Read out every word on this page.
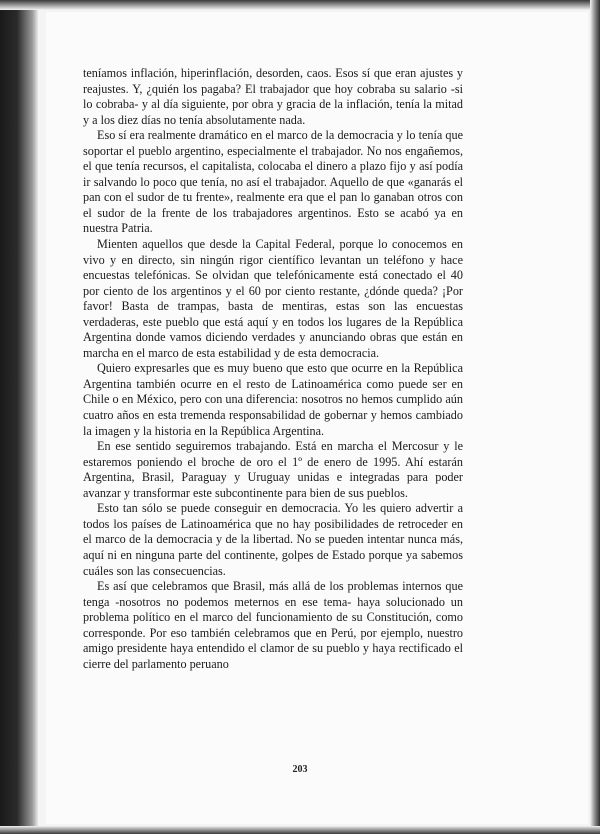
teníamos inflación, hiperinflación, desorden, caos. Esos sí que eran ajustes y reajustes. Y, ¿quién los pagaba? El trabajador que hoy cobraba su salario -si lo cobraba- y al día siguiente, por obra y gracia de la inflación, tenía la mitad y a los diez días no tenía absolutamente nada.

Eso sí era realmente dramático en el marco de la democracia y lo tenía que soportar el pueblo argentino, especialmente el trabajador. No nos engañemos, el que tenía recursos, el capitalista, colocaba el dinero a plazo fijo y así podía ir salvando lo poco que tenía, no así el trabajador. Aquello de que «ganarás el pan con el sudor de tu frente», realmente era que el pan lo ganaban otros con el sudor de la frente de los trabajadores argentinos. Esto se acabó ya en nuestra Patria.

Mienten aquellos que desde la Capital Federal, porque lo conocemos en vivo y en directo, sin ningún rigor científico levantan un teléfono y hace encuestas telefónicas. Se olvidan que telefónicamente está conectado el 40 por ciento de los argentinos y el 60 por ciento restante, ¿dónde queda? ¡Por favor! Basta de trampas, basta de mentiras, estas son las encuestas verdaderas, este pueblo que está aquí y en todos los lugares de la República Argentina donde vamos diciendo verdades y anunciando obras que están en marcha en el marco de esta estabilidad y de esta democracia.

Quiero expresarles que es muy bueno que esto que ocurre en la República Argentina también ocurre en el resto de Latinoamérica como puede ser en Chile o en México, pero con una diferencia: nosotros no hemos cumplido aún cuatro años en esta tremenda responsabilidad de gobernar y hemos cambiado la imagen y la historia en la República Argentina.

En ese sentido seguiremos trabajando. Está en marcha el Mercosur y le estaremos poniendo el broche de oro el 1º de enero de 1995. Ahí estarán Argentina, Brasil, Paraguay y Uruguay unidas e integradas para poder avanzar y transformar este subcontinente para bien de sus pueblos.

Esto tan sólo se puede conseguir en democracia. Yo les quiero advertir a todos los países de Latinoamérica que no hay posibilidades de retroceder en el marco de la democracia y de la libertad. No se pueden intentar nunca más, aquí ni en ninguna parte del continente, golpes de Estado porque ya sabemos cuáles son las consecuencias.

Es así que celebramos que Brasil, más allá de los problemas internos que tenga -nosotros no podemos meternos en ese tema- haya solucionado un problema político en el marco del funcionamiento de su Constitución, como corresponde. Por eso también celebramos que en Perú, por ejemplo, nuestro amigo presidente haya entendido el clamor de su pueblo y haya rectificado el cierre del parlamento peruano

203
